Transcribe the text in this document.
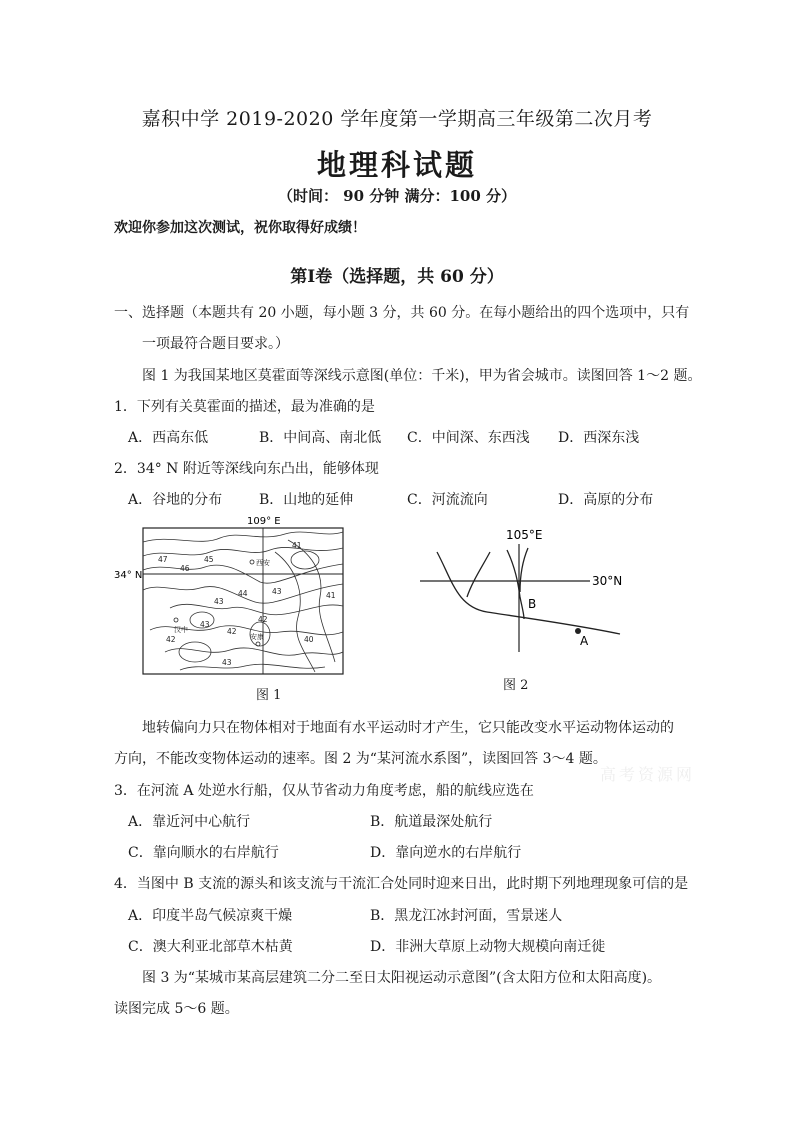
嘉积中学 2019-2020 学年度第一学期高三年级第二次月考
地理科试题
（时间： 90 分钟 满分：100 分）
欢迎你参加这次测试，祝你取得好成绩！
第Ⅰ卷（选择题，共 60 分）
一、选择题（本题共有 20 小题，每小题 3 分，共 60 分。在每小题给出的四个选项中，只有
一项最符合题目要求。）
图 1 为我国某地区莫霍面等深线示意图(单位：千米)，甲为省会城市。读图回答 1～2 题。
1．下列有关莫霍面的描述，最为准确的是
A．西高东低	B．中间高、南北低 C．中间深、东西浅 D．西深东浅
2．34° N 附近等深线向东凸出，能够体现
A．谷地的分布	B．山地的延伸	C．河流流向	D．高原的分布
109° E
34° N
47
46
45
44
43
42
41
40
43
42
43
42
43
41
西安
汉中
安康
图 1
105°E
30°N
B
A
图 2
地转偏向力只在物体相对于地面有水平运动时才产生，它只能改变水平运动物体运动的
方向，不能改变物体运动的速率。图 2 为“某河流水系图”，读图回答 3～4 题。
高考资源网
3．在河流 A 处逆水行船，仅从节省动力角度考虑，船的航线应选在
A．靠近河中心航行	B．航道最深处航行
C．靠向顺水的右岸航行	D．靠向逆水的右岸航行
4．当图中 B 支流的源头和该支流与干流汇合处同时迎来日出，此时期下列地理现象可信的是
A．印度半岛气候凉爽干燥	B．黑龙江冰封河面，雪景迷人
C．澳大利亚北部草木枯黄	D．非洲大草原上动物大规模向南迁徙
图 3 为“某城市某高层建筑二分二至日太阳视运动示意图”(含太阳方位和太阳高度)。
读图完成 5～6 题。
